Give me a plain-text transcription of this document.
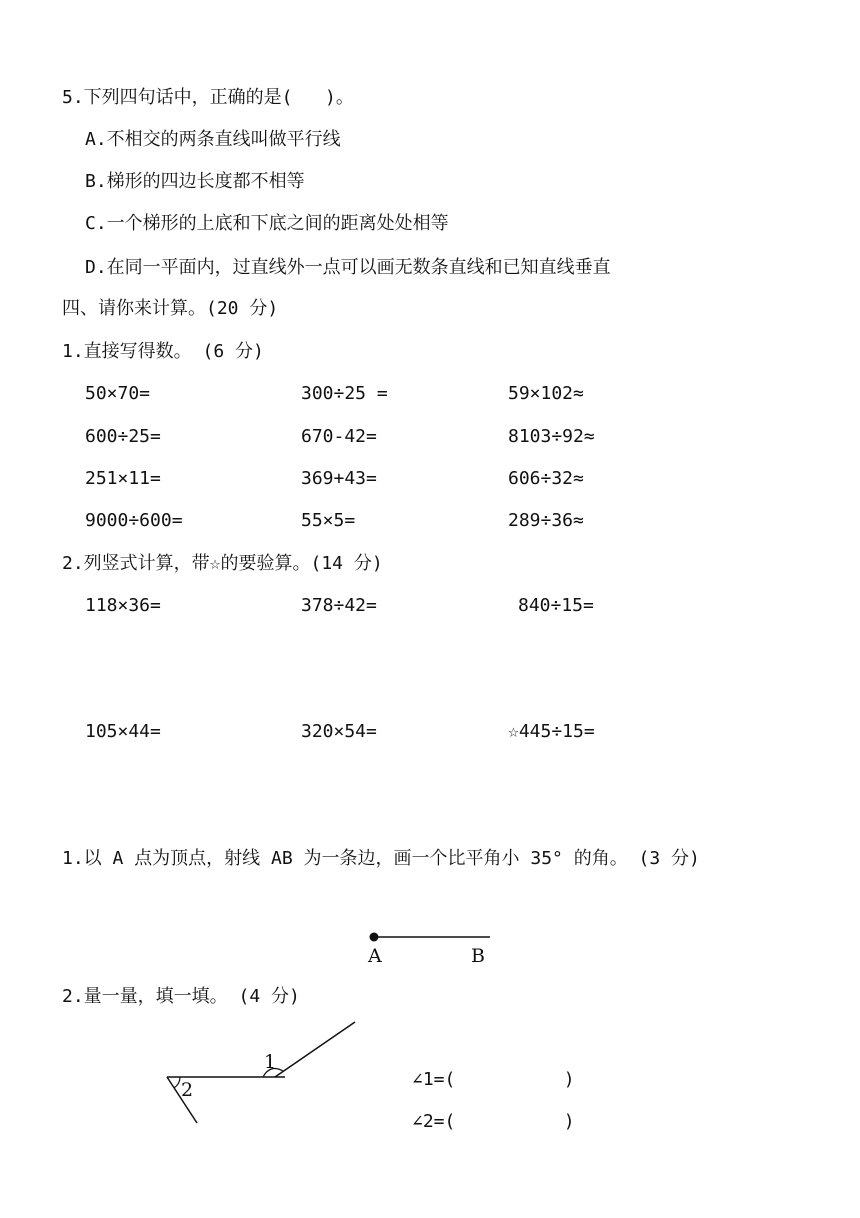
5.下列四句话中，正确的是(   )。
A.不相交的两条直线叫做平行线
B.梯形的四边长度都不相等
C.一个梯形的上底和下底之间的距离处处相等
D.在同一平面内，过直线外一点可以画无数条直线和已知直线垂直
四、请你来计算。(20 分)
1.直接写得数。 (6 分)
50×70=	300÷25 =	59×102≈
600÷25=	670-42=	8103÷92≈
251×11=	369+43=	606÷32≈
9000÷600=	55×5=	289÷36≈
2.列竖式计算，带☆的要验算。(14 分)
118×36=	378÷42=	840÷15=
105×44=	320×54=	☆445÷15=
1.以 A 点为顶点，射线 AB 为一条边，画一个比平角小 35° 的角。 (3 分)
A	B
1
2
2.量一量，填一填。 (4 分)
∠1=(          )
∠2=(          )
